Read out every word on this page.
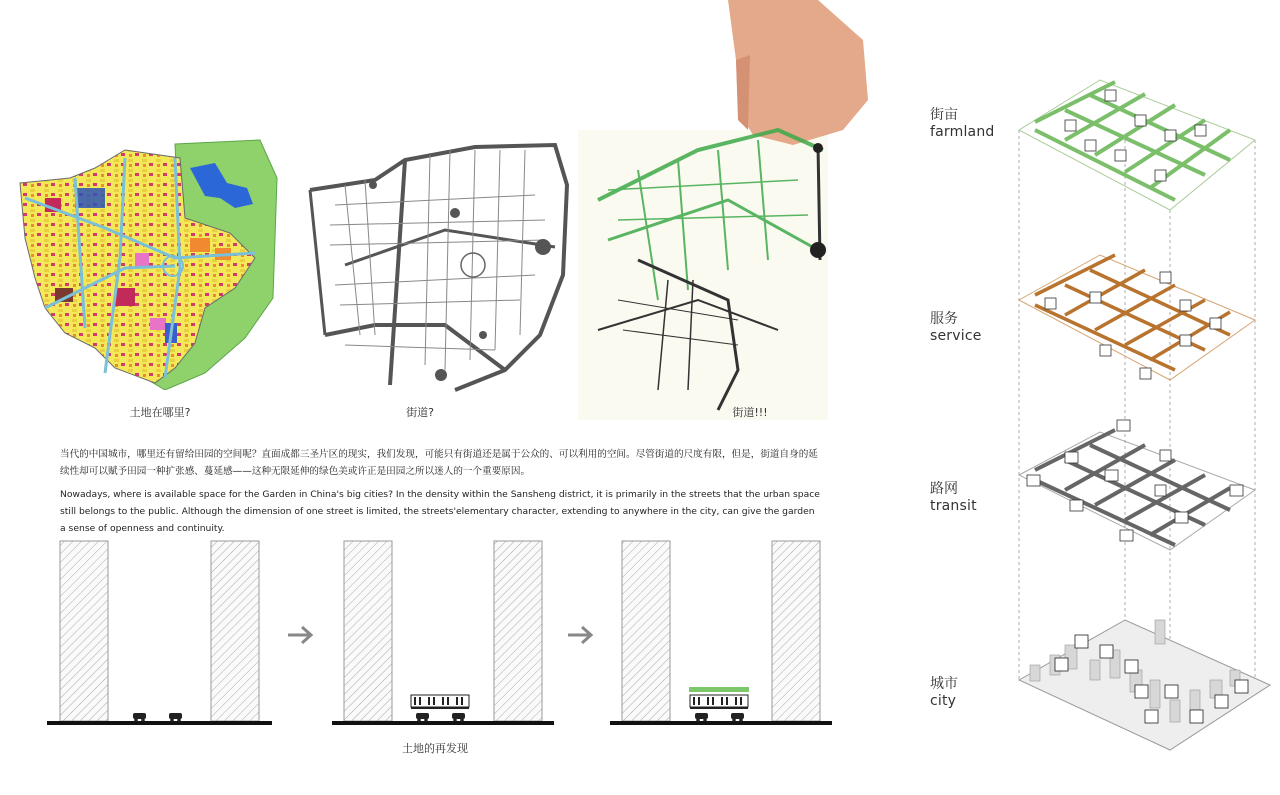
土地在哪里?	街道?	街道!!!
当代的中国城市，哪里还有留给田园的空间呢？直面成都三圣片区的现实，我们发现，可能只有街道还是属于公众的、可以利用的空间。尽管街道的尺度有限，但是，街道自身的延续性却可以赋予田园一种扩张感、蔓延感——这种无限延伸的绿色美或许正是田园之所以迷人的一个重要原因。
Nowadays, where is available space for the Garden in China's big cities? In the density within the Sansheng district, it is primarily in the streets that the urban space still belongs to the public. Although the dimension of one street is limited, the streets'elementary character, extending to anywhere in the city, can give the garden a sense of openness and continuity.
土地的再发现
街亩
farmland
服务
service
路网
transit
城市
city
